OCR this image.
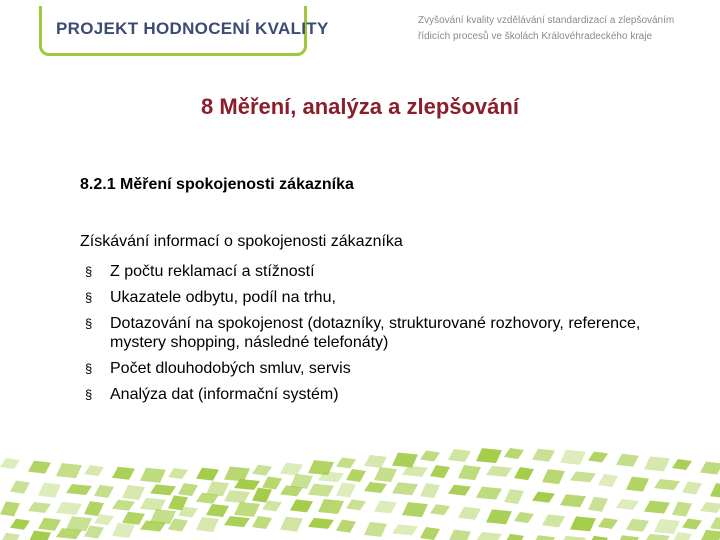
PROJEKT HODNOCENÍ KVALITY	Zvyšování kvality vzdělávání standardizací a zlepšováním
řídicích procesů ve školách Královéhradeckého kraje
8 Měření, analýza a zlepšování
8.2.1 Měření spokojenosti zákazníka
Získávání informací o spokojenosti zákazníka
§ Z počtu reklamací a stížností
§ Ukazatele odbytu, podíl na trhu,
§ Dotazování na spokojenost (dotazníky, strukturované rozhovory, reference, mystery shopping, následné telefonáty)
§ Počet dlouhodobých smluv, servis
§ Analýza dat (informační systém)
